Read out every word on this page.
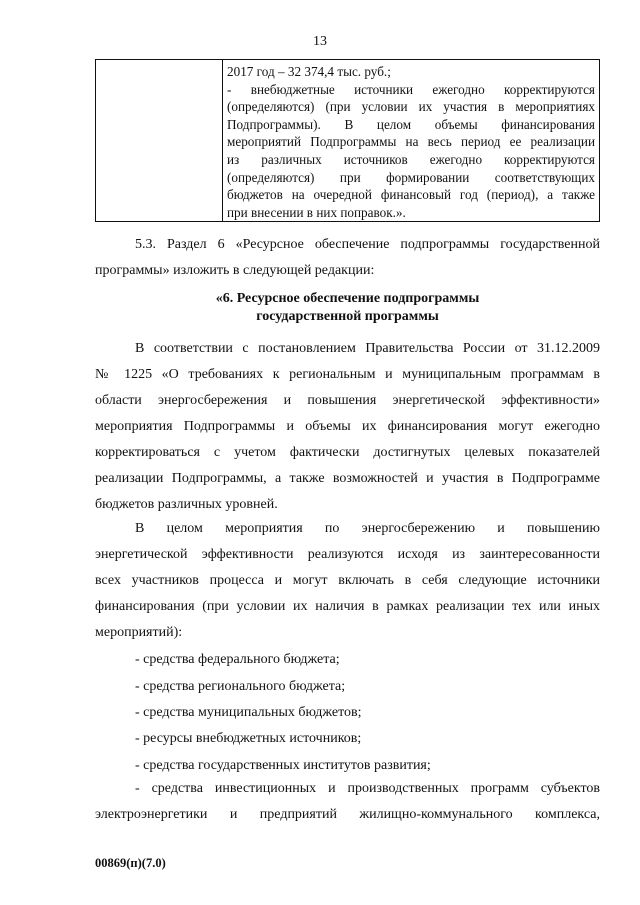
13

2017 год – 32 374,4 тыс. руб.;
- внебюджетные источники ежегодно корректируются
(определяются) (при условии их участия в мероприятиях
Подпрограммы). В целом объемы финансирования
мероприятий Подпрограммы на весь период ее реализации
из различных источников ежегодно корректируются
(определяются) при формировании соответствующих
бюджетов на очередной финансовый год (период), а также
при внесении в них поправок.».
5.3. Раздел 6 «Ресурсное обеспечение подпрограммы государственной
программы» изложить в следующей редакции:
«6. Ресурсное обеспечение подпрограммы
государственной программы
В соответствии с постановлением Правительства России от 31.12.2009
№ 1225 «О требованиях к региональным и муниципальным программам в
области энергосбережения и повышения энергетической эффективности»
мероприятия Подпрограммы и объемы их финансирования могут ежегодно
корректироваться с учетом фактически достигнутых целевых показателей
реализации Подпрограммы, а также возможностей и участия в Подпрограмме
бюджетов различных уровней.
В целом мероприятия по энергосбережению и повышению
энергетической эффективности реализуются исходя из заинтересованности
всех участников процесса и могут включать в себя следующие источники
финансирования (при условии их наличия в рамках реализации тех или иных
мероприятий):
- средства федерального бюджета;
- средства регионального бюджета;
- средства муниципальных бюджетов;
- ресурсы внебюджетных источников;
- средства государственных институтов развития;
- средства инвестиционных и производственных программ субъектов
электроэнергетики и предприятий жилищно-коммунального комплекса,
00869(п)(7.0)
